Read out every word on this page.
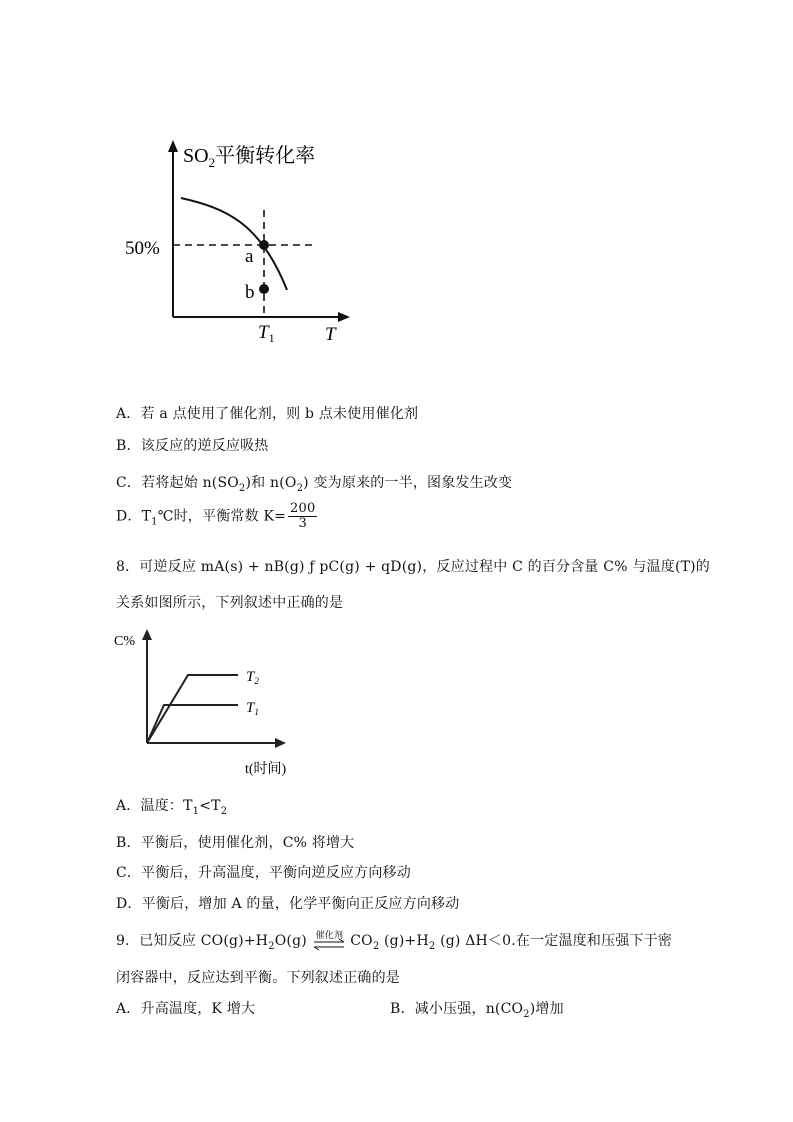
$SO_2$平衡转化率
50%	a
b
$T_1$	T
A．若 a 点使用了催化剂，则 b 点未使用催化剂
B．该反应的逆反应吸热
C．若将起始 $n(SO_2)$和 $n(O_2)$ 变为原来的一半，图象发生改变
D．$T_1℃$时，平衡常数 $K= \frac{200}{3}$
8．可逆反应 mA(s) + nB(g) ƒ pC(g) + qD(g)，反应过程中 C 的百分含量 C% 与温度(T)的
关系如图所示，下列叙述中正确的是
C%
$T_2$
$T_1$
t(时间)
A．温度：$T_1<T_2$
B．平衡后，使用催化剂，C% 将增大
C．平衡后，升高温度，平衡向逆反应方向移动
D．平衡后，增加 A 的量，化学平衡向正反应方向移动
9．已知反应 $CO(g)+H_2O(g)$ 催化剂 $CO_2$ $(g)+H_2$ (g) ΔH＜0.在一定温度和压强下于密
闭容器中，反应达到平衡。下列叙述正确的是
A．升高温度，K 增大	B．减小压强，$n(CO_2)$增加
